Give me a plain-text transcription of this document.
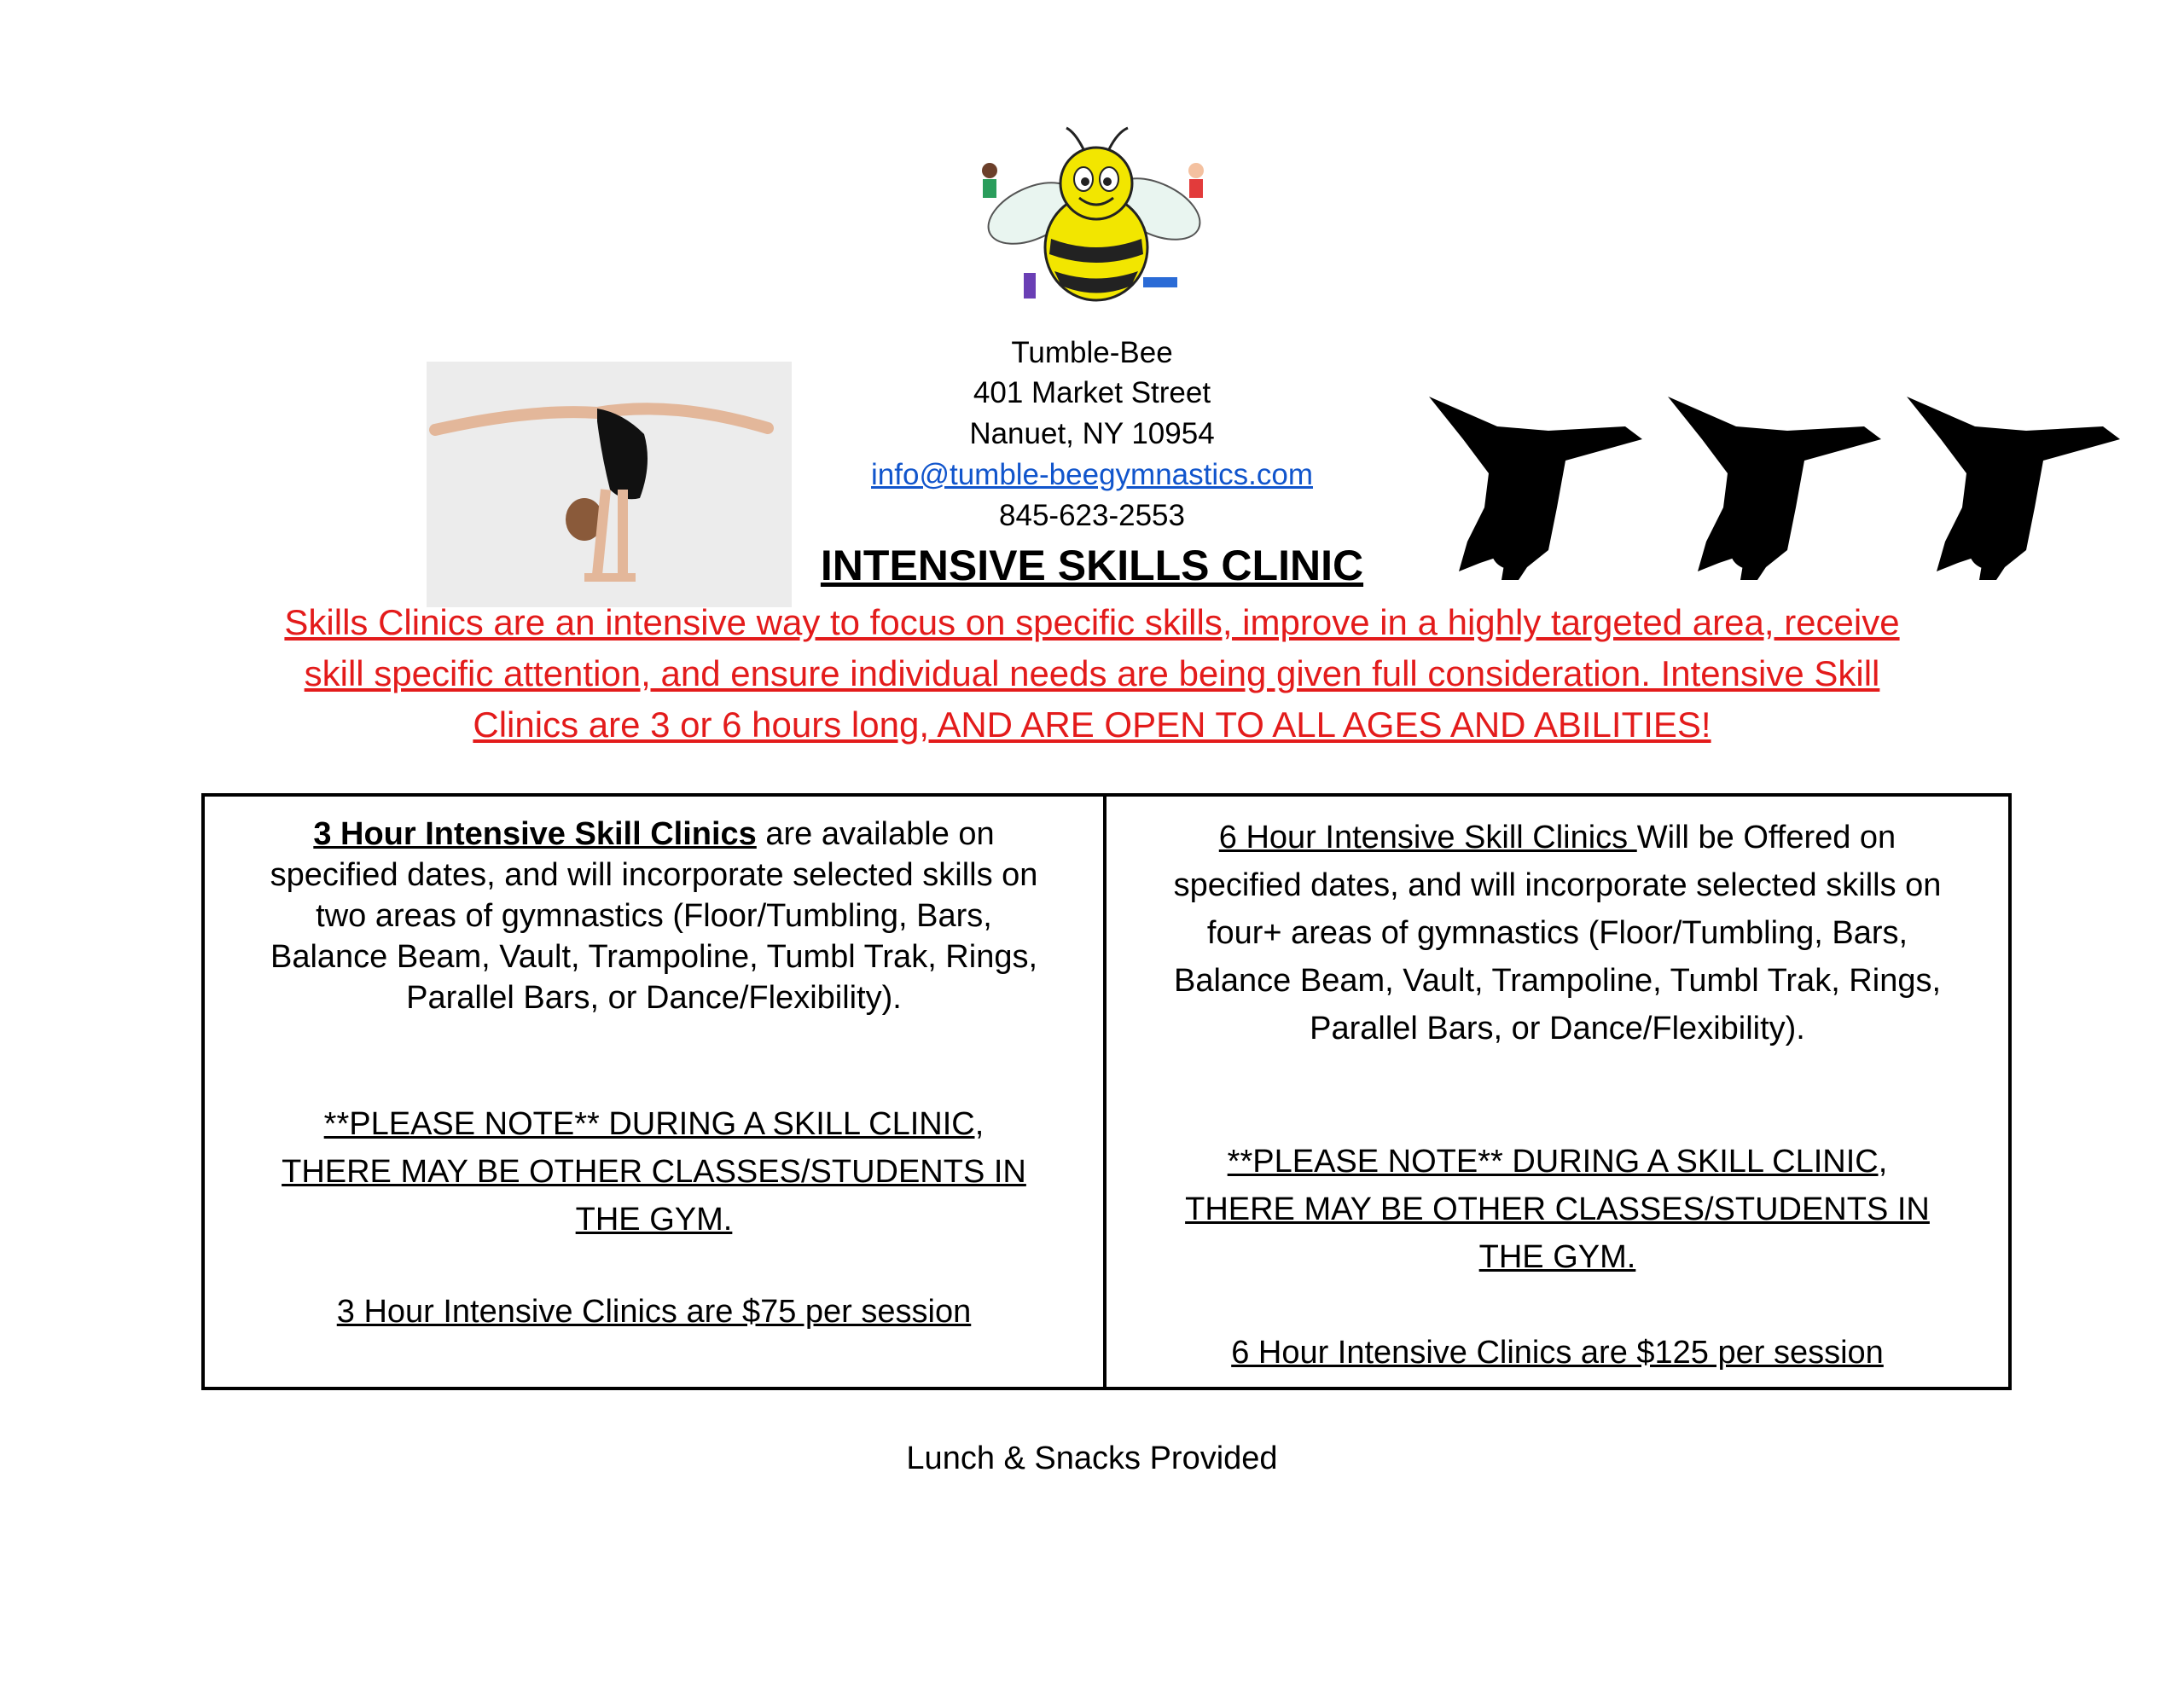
Tumble-Bee
401 Market Street
Nanuet, NY 10954
info@tumble-beegymnastics.com
845-623-2553
INTENSIVE SKILLS CLINIC
Skills Clinics are an intensive way to focus on specific skills, improve in a highly targeted area, receive
skill specific attention, and ensure individual needs are being given full consideration. Intensive Skill
Clinics are 3 or 6 hours long, AND ARE OPEN TO ALL AGES AND ABILITIES!
3 Hour Intensive Skill Clinics are available on
specified dates, and will incorporate selected skills on
two areas of gymnastics (Floor/Tumbling, Bars,
Balance Beam, Vault, Trampoline, Tumbl Trak, Rings,
Parallel Bars, or Dance/Flexibility).
**PLEASE NOTE** DURING A SKILL CLINIC,
THERE MAY BE OTHER CLASSES/STUDENTS IN
THE GYM.
3 Hour Intensive Clinics are $75 per session
6 Hour Intensive Skill Clinics Will be Offered on
specified dates, and will incorporate selected skills on
four+ areas of gymnastics (Floor/Tumbling, Bars,
Balance Beam, Vault, Trampoline, Tumbl Trak, Rings,
Parallel Bars, or Dance/Flexibility).
**PLEASE NOTE** DURING A SKILL CLINIC,
THERE MAY BE OTHER CLASSES/STUDENTS IN
THE GYM.
6 Hour Intensive Clinics are $125 per session
Lunch & Snacks Provided
